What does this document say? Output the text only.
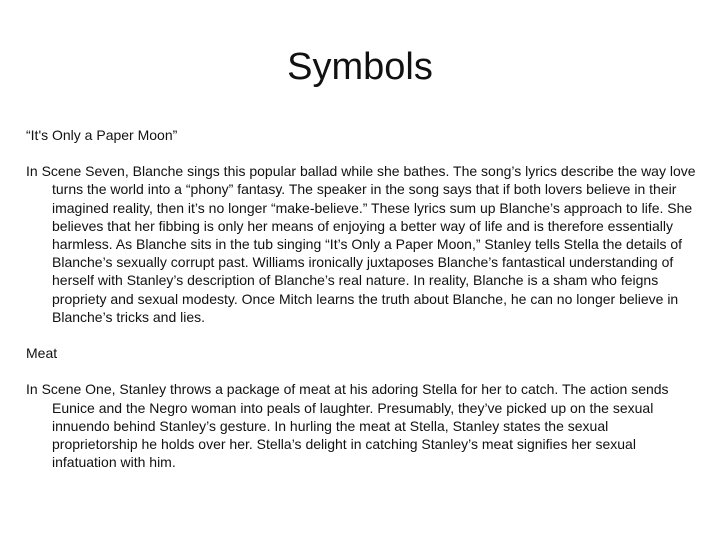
Symbols

“It's Only a Paper Moon”

In Scene Seven, Blanche sings this popular ballad while she bathes. The song’s lyrics describe the way love turns the world into a “phony” fantasy. The speaker in the song says that if both lovers believe in their imagined reality, then it’s no longer “make-believe.” These lyrics sum up Blanche’s approach to life. She believes that her fibbing is only her means of enjoying a better way of life and is therefore essentially harmless. As Blanche sits in the tub singing “It’s Only a Paper Moon,” Stanley tells Stella the details of Blanche’s sexually corrupt past. Williams ironically juxtaposes Blanche’s fantastical understanding of herself with Stanley’s description of Blanche’s real nature. In reality, Blanche is a sham who feigns propriety and sexual modesty. Once Mitch learns the truth about Blanche, he can no longer believe in Blanche’s tricks and lies.

Meat

In Scene One, Stanley throws a package of meat at his adoring Stella for her to catch. The action sends Eunice and the Negro woman into peals of laughter. Presumably, they’ve picked up on the sexual innuendo behind Stanley’s gesture. In hurling the meat at Stella, Stanley states the sexual proprietorship he holds over her. Stella’s delight in catching Stanley’s meat signifies her sexual infatuation with him.
